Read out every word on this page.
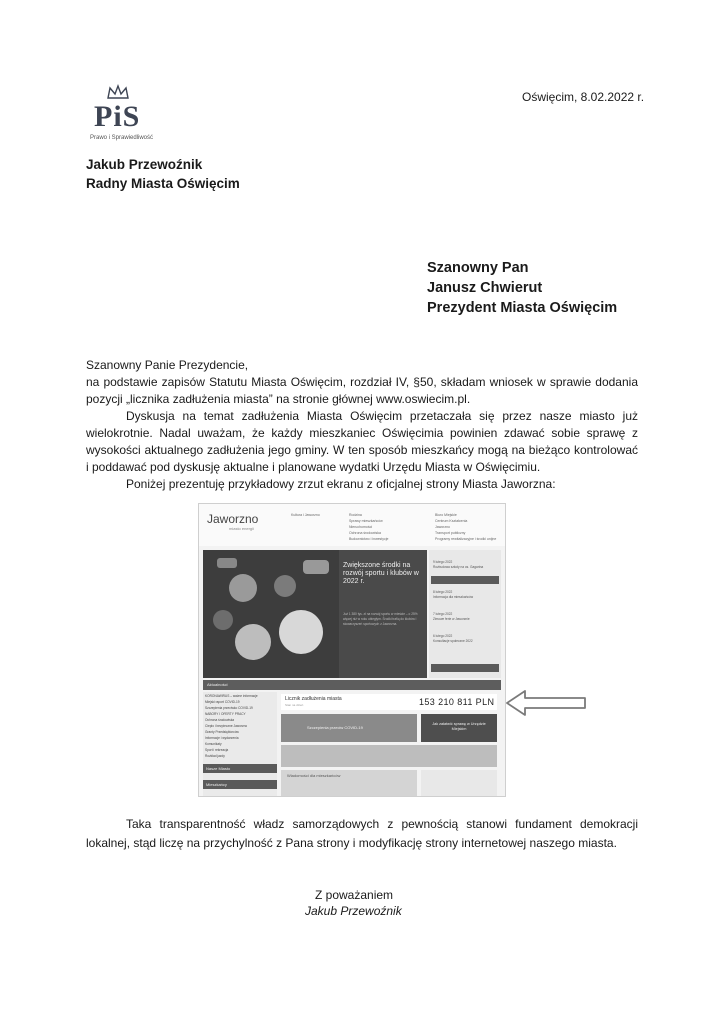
PiS
Prawo i Sprawiedliwość
Oświęcim, 8.02.2022 r.
Jakub Przewoźnik
Radny Miasta Oświęcim
Szanowny Pan
Janusz Chwierut
Prezydent Miasta Oświęcim

Szanowny Panie Prezydencie,

na podstawie zapisów Statutu Miasta Oświęcim, rozdział IV, §50, składam wniosek w sprawie dodania pozycji „licznika zadłużenia miasta” na stronie głównej www.oswiecim.pl.

Dyskusja na temat zadłużenia Miasta Oświęcim przetaczała się przez nasze miasto już wielokrotnie. Nadal uważam, że każdy mieszkaniec Oświęcimia powinien zdawać sobie sprawę z wysokości aktualnego zadłużenia jego gminy. W ten sposób mieszkańcy mogą na bieżąco kontrolować i poddawać pod dyskusję aktualne i planowane wydatki Urzędu Miasta w Oświęcimiu.

Poniżej prezentuję przykładowy zrzut ekranu z oficjalnej strony Miasta Jaworzna:

Jaworzno
miasto energii
Kultura i Jaworzno	Rodzina
Sprawy mieszkańców
Nieruchomości
Ochrona środowiska
Budownictwo i inwestycje
Biuro Miejskie
Centrum Kształcenia
Jaworzno
Transport publiczny
Programy rewitalizacyjne i środki unijne
Zwiększone środki na rozwój sportu i klubów w 2022 r.
Już 1 380 tys. zł na rozwój sportu w mieście – o 25% więcej niż w roku ubiegłym. Środki trafią do klubów i stowarzyszeń sportowych z Jaworzna.
9 lutego 2022
Rozbudowa szkoły na os. Gagarina
8 lutego 2022
Informacja dla mieszkańców
7 lutego 2022
Zimowe ferie w Jaworznie
6 lutego 2022
Konsultacje społeczne 2022
Aktualności
KORONAWIRUS – ważne informacje
Miejski raport COVID-19
Szczepienia przeciwko COVID-19
NABORY I OFERTY PRACY
Ochrona środowiska
Ciepło i bezpieczne Jaworzno
Granty Przedsiębiorców
Informacje i wydarzenia
Komunikaty
Sport i rekreacja
Rozkład jazdy
Nasze Miasto
Mieszkańcy
Licznik zadłużenia miasta
Stan na dzień	153 210 811 PLN
Szczepienia przeciw COVID-19
Jak załatwić sprawę w Urzędzie Miejskim
Wiadomości dla mieszkańców
Taka transparentność władz samorządowych z pewnością stanowi fundament demokracji lokalnej, stąd liczę na przychylność z Pana strony i modyfikację strony internetowej naszego miasta.
Z poważaniem
Jakub Przewoźnik
